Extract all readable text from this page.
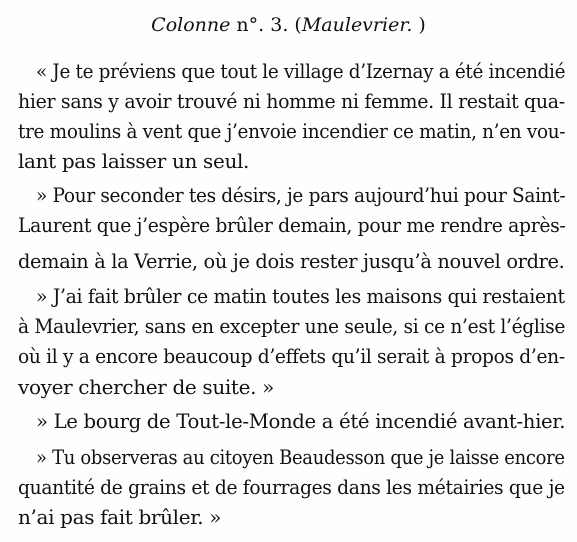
Colonne n°. 3. (Maulevrier. )
« Je te préviens que tout le village d’Izernay a été incendié
hier sans y avoir trouvé ni homme ni femme. Il restait qua-
tre moulins à vent que j’envoie incendier ce matin, n’en vou-
lant pas laisser un seul.
» Pour seconder tes désirs, je pars aujourd’hui pour Saint-
Laurent que j’espère brûler demain, pour me rendre après-
demain à la Verrie, où je dois rester jusqu’à nouvel ordre.
» J’ai fait brûler ce matin toutes les maisons qui restaient
à Maulevrier, sans en excepter une seule, si ce n’est l’église
où il y a encore beaucoup d’effets qu’il serait à propos d’en-
voyer chercher de suite. »
» Le bourg de Tout-le-Monde a été incendié avant-hier.
» Tu observeras au citoyen Beaudesson que je laisse encore
quantité de grains et de fourrages dans les métairies que je
n’ai pas fait brûler. »
